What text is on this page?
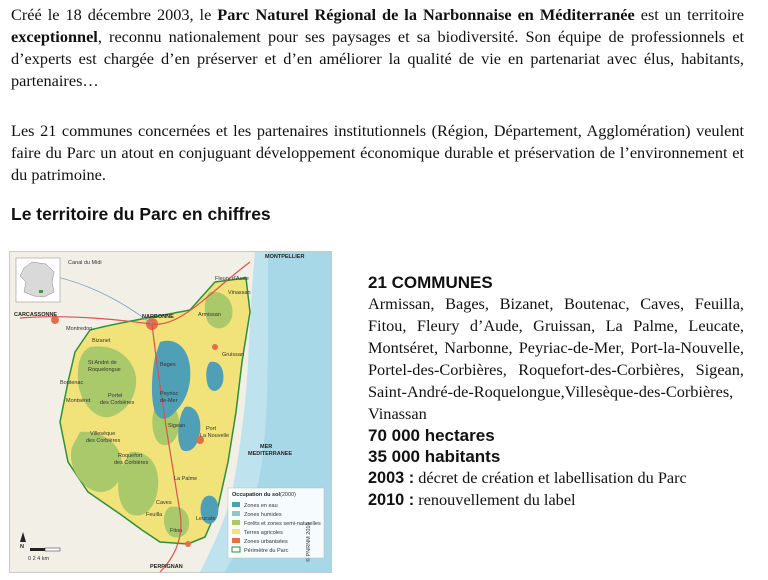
Créé le 18 décembre 2003, le Parc Naturel Régional de la Narbonnaise en Méditerranée est un territoire exceptionnel, reconnu nationalement pour ses paysages et sa biodiversité. Son équipe de professionnels et d’experts est chargée d’en préserver et d’en améliorer la qualité de vie en partenariat avec élus, habitants, partenaires…

Les 21 communes concernées et les partenaires institutionnels (Région, Département, Agglomération) veulent faire du Parc un atout en conjuguant développement économique durable et préservation de l’environnement et du patrimoine.

Le territoire du Parc en chiffres
MONTPELLIER
CARCASSONNE	NARBONNE
PERPIGNAN
Canal du Midi
MER
MEDITERRANEE
Vinassan
Fleury d'Aude
Bizanet
Montredon
Gruissan
Boutenac
St André de
Roquelongue
Bages
Montséret
Peyriac
de-Mer
Portel
des Corbières
Villesèque
des Corbières
Sigean	Port
La Nouvelle
Roquefort
des Corbières
La Palme
Caves
Leucate
Fitou
Feuilla
Armissan
Occupation du sol (2000)
Zones en eau
Zones humides
Forêts et zones semi-naturelles
Terres agricoles
Zones urbanisées
Périmètre du Parc
N
0 2 4 km	© PNRNM 2010
21 COMMUNES
Armissan, Bages, Bizanet, Boutenac, Caves, Feuilla, Fitou, Fleury d’Aude, Gruissan, La Palme, Leucate, Montséret, Narbonne, Peyriac-de-Mer, Port-la-Nouvelle, Portel-des-Corbières, Roquefort-des-Corbières, Sigean, Saint-André-de-Roquelongue,Villesèque-des-Corbières, Vinassan
70 000 hectares
35 000 habitants
2003 : décret de création et labellisation du Parc
2010 : renouvellement du label
